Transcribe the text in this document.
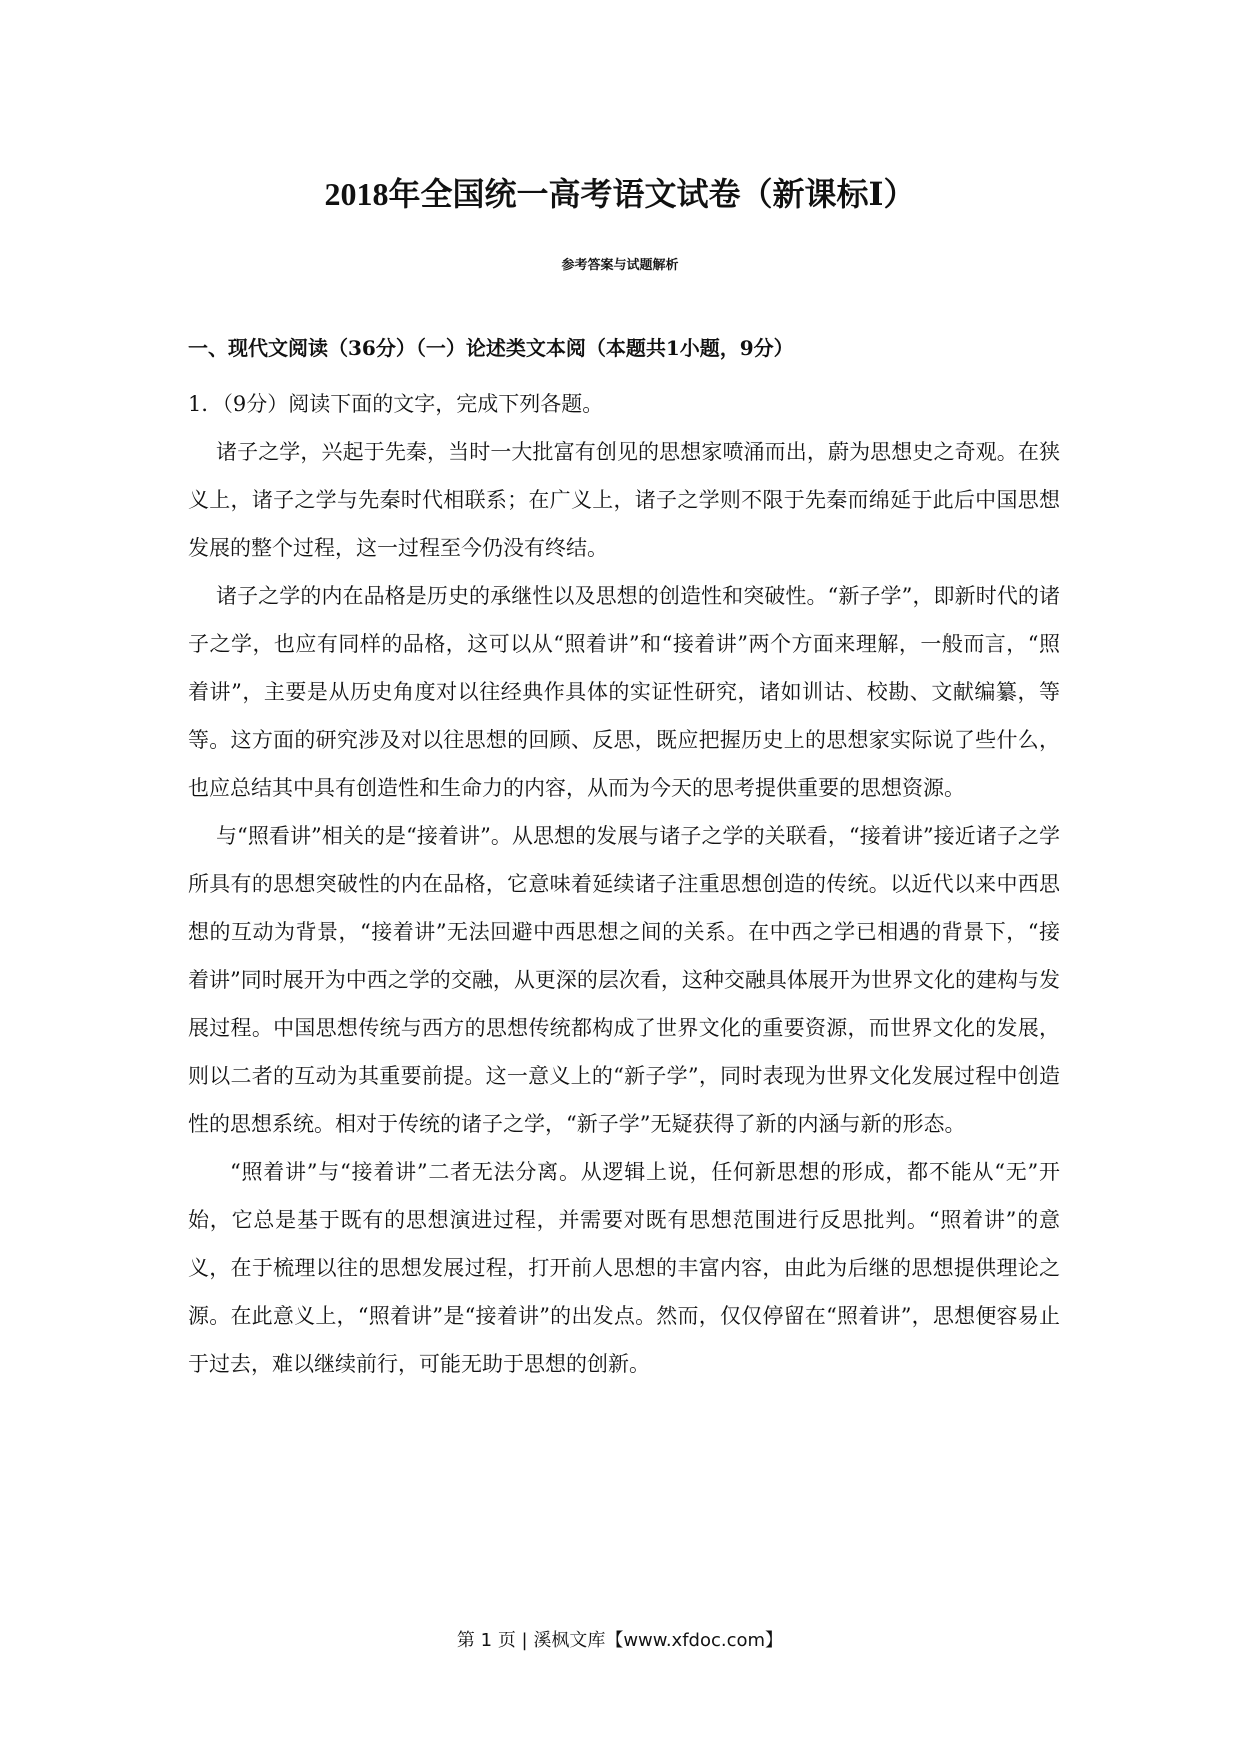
2018年全国统一高考语文试卷（新课标Ⅰ）
参考答案与试题解析
一、现代文阅读（36分）（一）论述类文本阅（本题共1小题，9分）

1．（9分）阅读下面的文字，完成下列各题。

诸子之学，兴起于先秦，当时一大批富有创见的思想家喷涌而出，蔚为思想史之奇观。在狭义上，诸子之学与先秦时代相联系；在广义上，诸子之学则不限于先秦而绵延于此后中国思想发展的整个过程，这一过程至今仍没有终结。

诸子之学的内在品格是历史的承继性以及思想的创造性和突破性。“新子学”，即新时代的诸子之学，也应有同样的品格，这可以从“照着讲”和“接着讲”两个方面来理解，一般而言，“照着讲”，主要是从历史角度对以往经典作具体的实证性研究，诸如训诂、校勘、文献编纂，等等。这方面的研究涉及对以往思想的回顾、反思，既应把握历史上的思想家实际说了些什么，也应总结其中具有创造性和生命力的内容，从而为今天的思考提供重要的思想资源。

与“照看讲”相关的是“接着讲”。从思想的发展与诸子之学的关联看，“接着讲”接近诸子之学所具有的思想突破性的内在品格，它意味着延续诸子注重思想创造的传统。以近代以来中西思想的互动为背景，“接着讲”无法回避中西思想之间的关系。在中西之学已相遇的背景下，“接着讲”同时展开为中西之学的交融，从更深的层次看，这种交融具体展开为世界文化的建构与发展过程。中国思想传统与西方的思想传统都构成了世界文化的重要资源，而世界文化的发展，则以二者的互动为其重要前提。这一意义上的“新子学”，同时表现为世界文化发展过程中创造性的思想系统。相对于传统的诸子之学，“新子学”无疑获得了新的内涵与新的形态。

“照着讲”与“接着讲”二者无法分离。从逻辑上说，任何新思想的形成，都不能从“无”开始，它总是基于既有的思想演进过程，并需要对既有思想范围进行反思批判。“照着讲”的意义，在于梳理以往的思想发展过程，打开前人思想的丰富内容，由此为后继的思想提供理论之源。在此意义上，“照着讲”是“接着讲”的出发点。然而，仅仅停留在“照着讲”，思想便容易止于过去，难以继续前行，可能无助于思想的创新。

第 1 页 | 溪枫文库【www.xfdoc.com】
